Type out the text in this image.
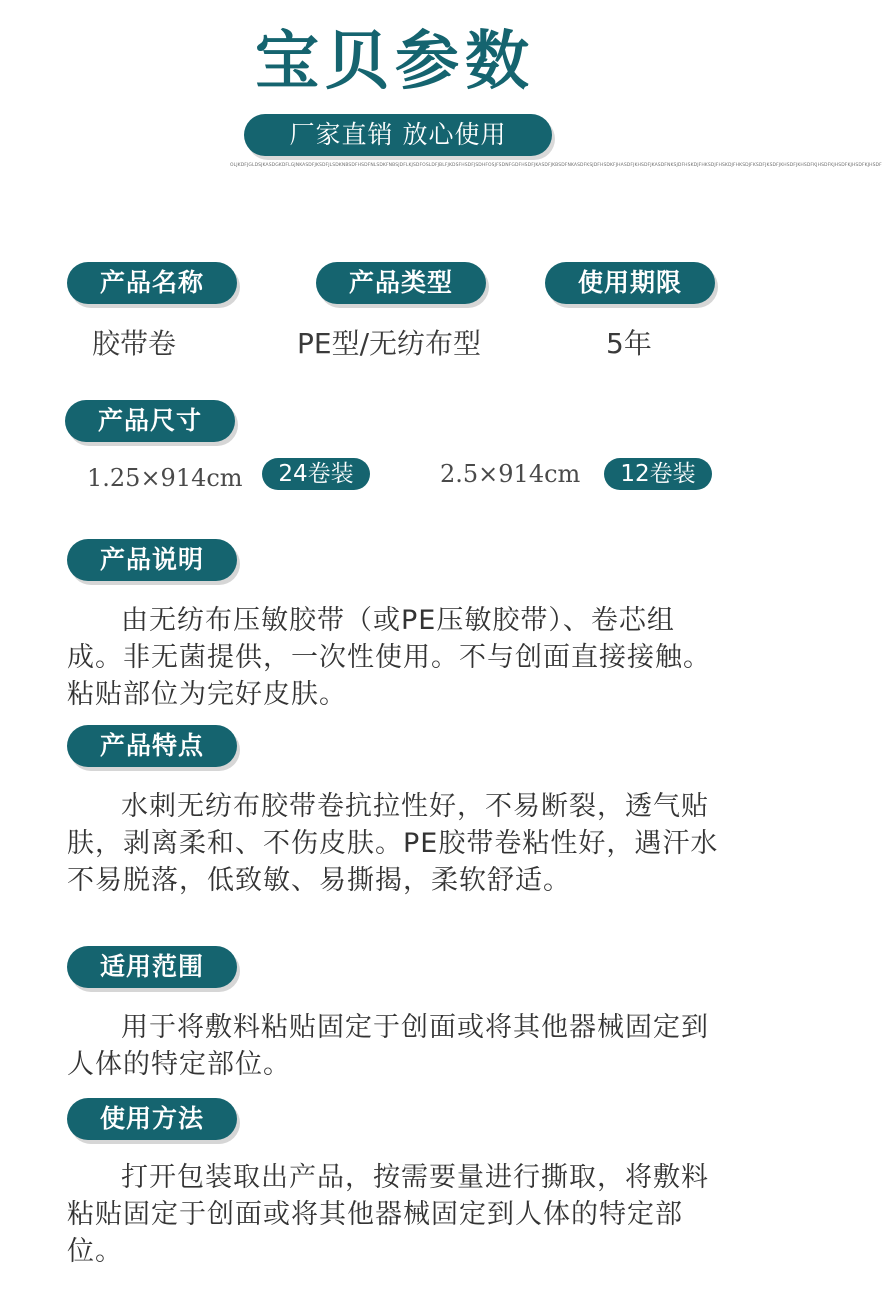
宝贝参数
厂家直销 放心使用
OLJKDFJGLDSJKASDGKDFLGJNKASDFJKSDFJLSDKNBSDFHSDFNLSDKFNBSJDFLKJSDFOSLDFJBLFJKDSFHSDFJSDHFOSJFSDNFGDFHSDFJKASDFJKBSDFNKASDFKSJDFHSDKFJHASDFJKHSDFJKASDFNKSJDFHSKDJFHKSDJFHSKDJFHKSDJFKSDFJKSDFJKHSDFJKHSDFKJHSDFKJHSDFKJHSDFKJHSDF
产品名称	产品类型	使用期限
胶带卷	PE型/无纺布型	5年
产品尺寸
1.25×914cm	24卷装	2.5×914cm	12卷装
产品说明

由无纺布压敏胶带（或PE压敏胶带）、卷芯组成。非无菌提供，一次性使用。不与创面直接接触。粘贴部位为完好皮肤。

产品特点

水刺无纺布胶带卷抗拉性好，不易断裂，透气贴肤，剥离柔和、不伤皮肤。PE胶带卷粘性好，遇汗水不易脱落，低致敏、易撕揭，柔软舒适。

适用范围

用于将敷料粘贴固定于创面或将其他器械固定到人体的特定部位。

使用方法

打开包装取出产品，按需要量进行撕取，将敷料粘贴固定于创面或将其他器械固定到人体的特定部位。
